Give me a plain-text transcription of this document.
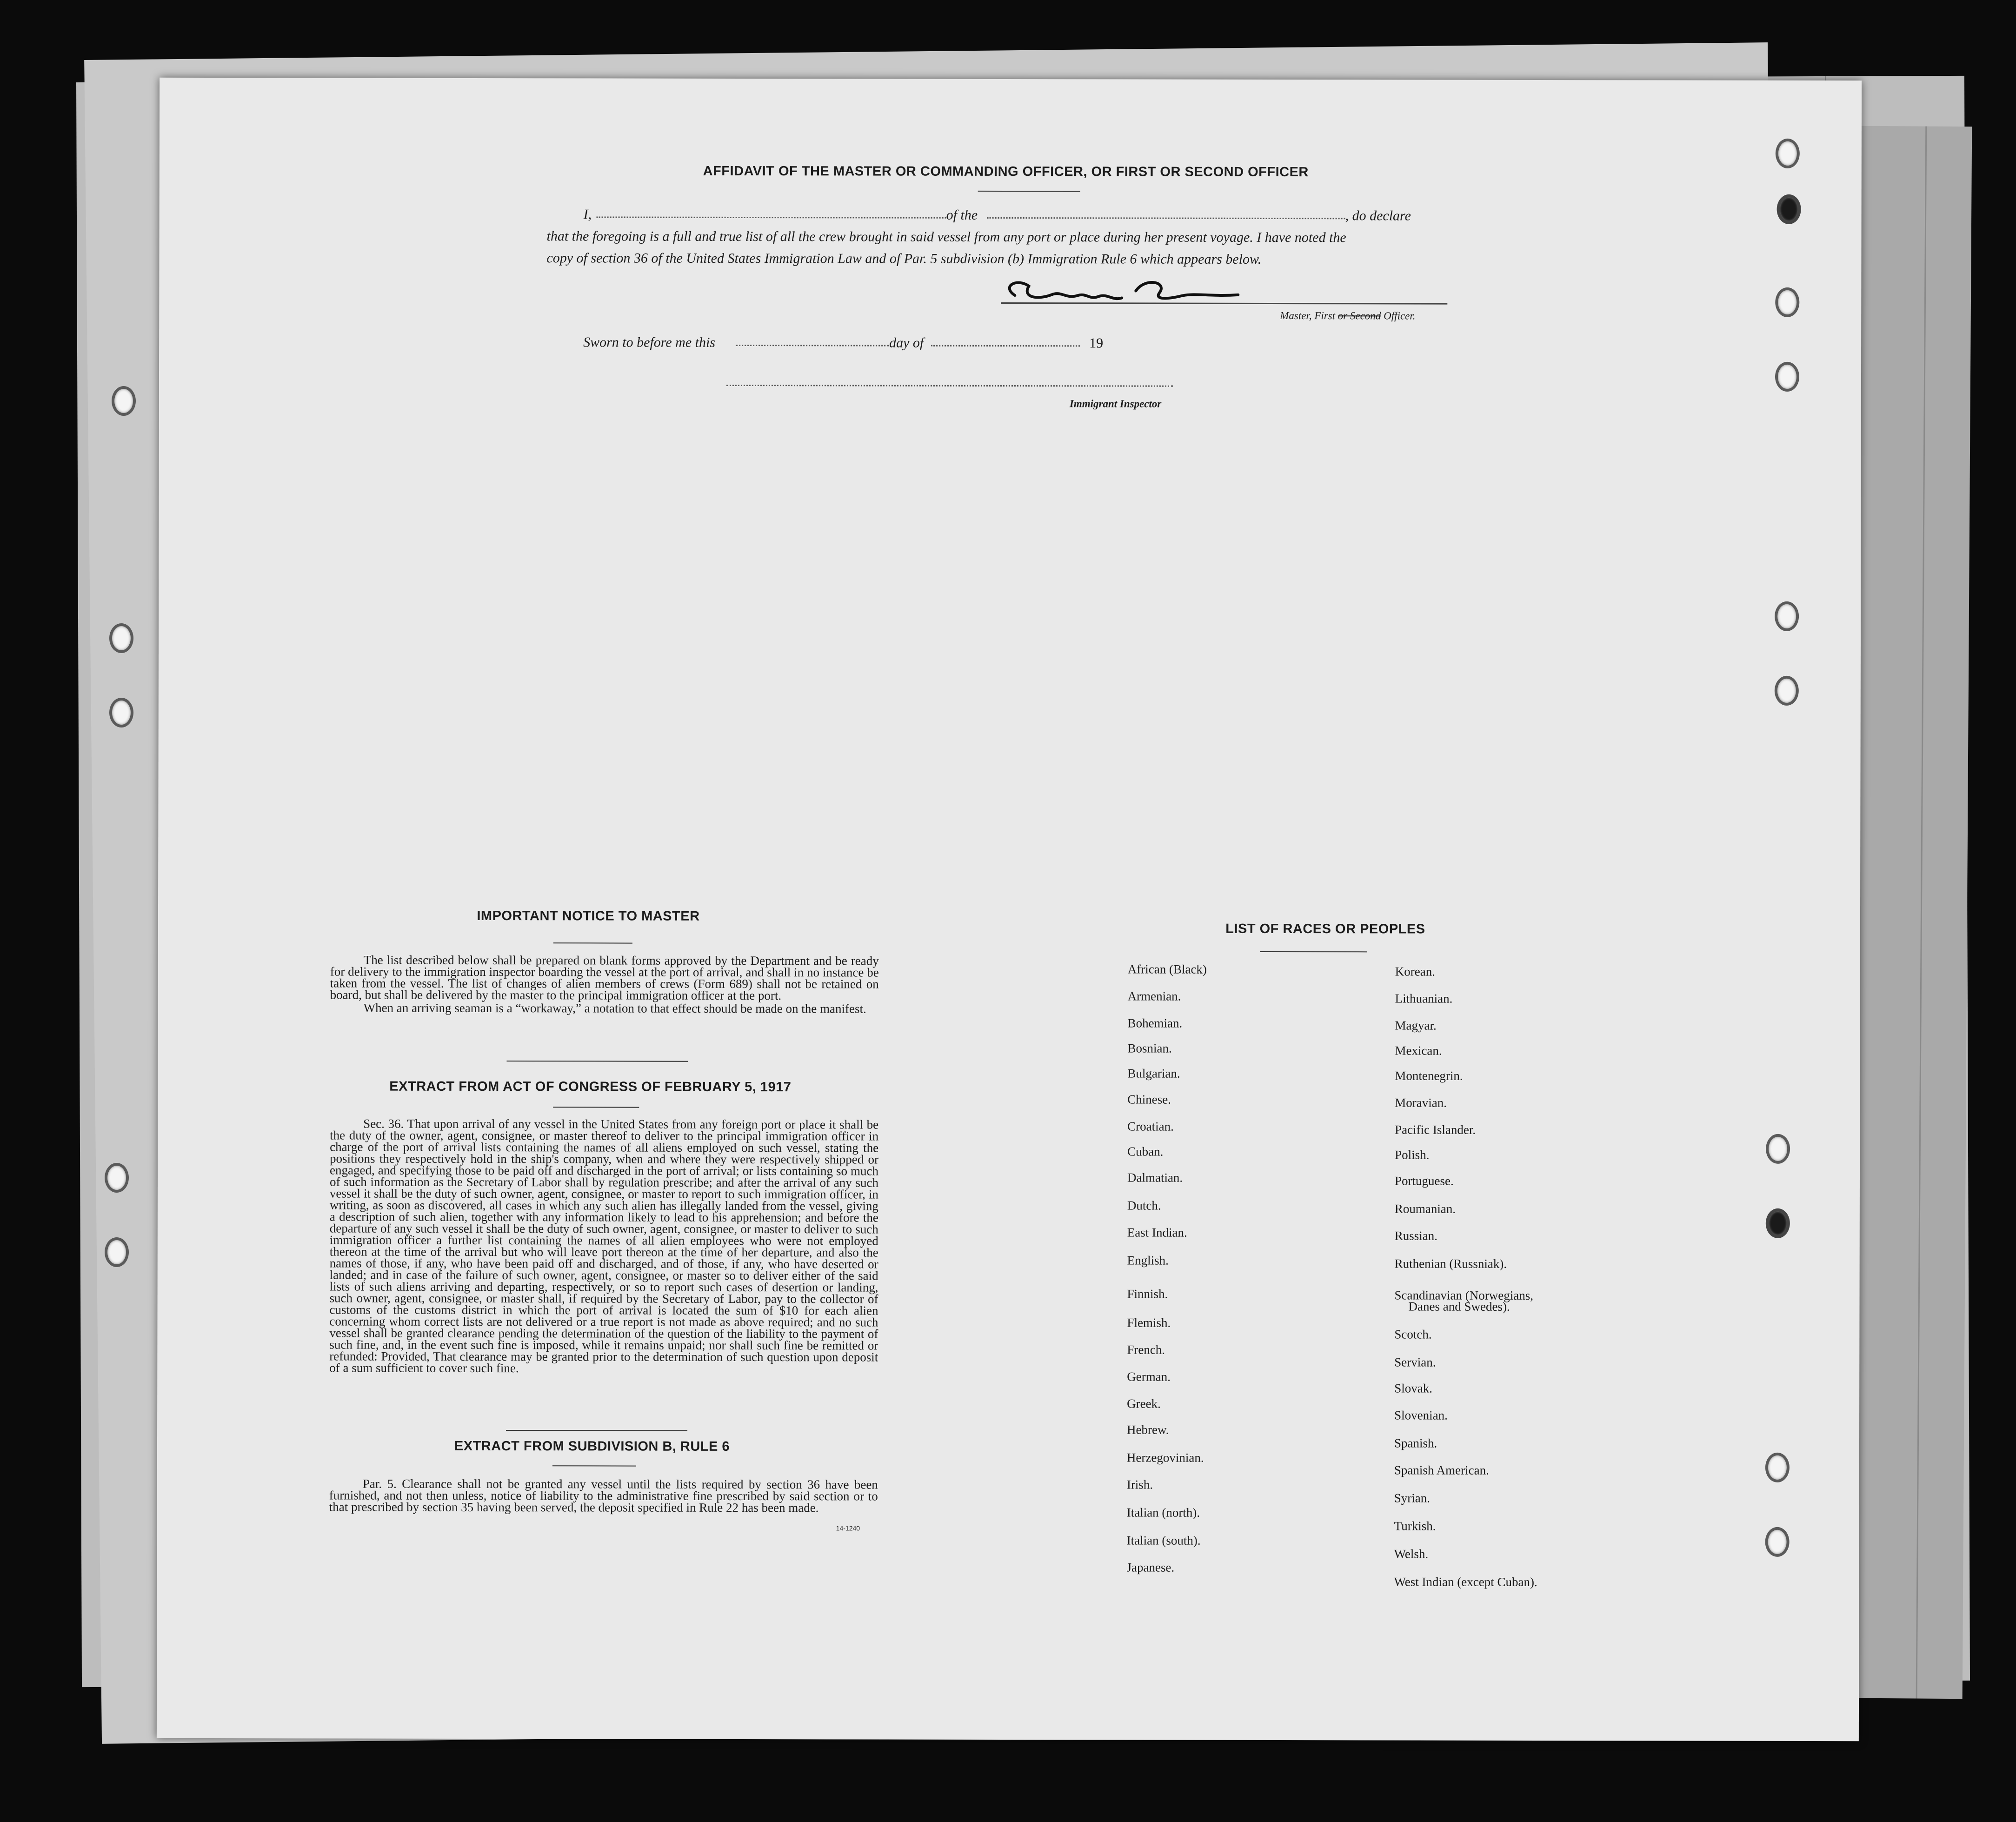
AFFIDAVIT OF THE MASTER OR COMMANDING OFFICER, OR FIRST OR SECOND OFFICER
I,	of the	, do declare
that the foregoing is a full and true list of all the crew brought in said vessel from any port or place during her present voyage. I have noted the
copy of section 36 of the United States Immigration Law and of Par. 5 subdivision (b) Immigration Rule 6 which appears below.
Master, First or Second Officer.
Sworn to before me this	day of	19
Immigrant Inspector
IMPORTANT NOTICE TO MASTER
The list described below shall be prepared on blank forms approved by the Department and be ready for delivery to the immigration inspector boarding the vessel at the port of arrival, and shall in no instance be taken from the vessel. The list of changes of alien members of crews (Form 689) shall not be retained on board, but shall be delivered by the master to the principal immigration officer at the port.
When an arriving seaman is a “workaway,” a notation to that effect should be made on the manifest.
EXTRACT FROM ACT OF CONGRESS OF FEBRUARY 5, 1917
Sec. 36. That upon arrival of any vessel in the United States from any foreign port or place it shall be the duty of the owner, agent, consignee, or master thereof to deliver to the principal immigration officer in charge of the port of arrival lists containing the names of all aliens employed on such vessel, stating the positions they respectively hold in the ship's company, when and where they were respectively shipped or engaged, and specifying those to be paid off and discharged in the port of arrival; or lists containing so much of such information as the Secretary of Labor shall by regulation prescribe; and after the arrival of any such vessel it shall be the duty of such owner, agent, consignee, or master to report to such immigration officer, in writing, as soon as discovered, all cases in which any such alien has illegally landed from the vessel, giving a description of such alien, together with any information likely to lead to his apprehension; and before the departure of any such vessel it shall be the duty of such owner, agent, consignee, or master to deliver to such immigration officer a further list containing the names of all alien employees who were not employed thereon at the time of the arrival but who will leave port thereon at the time of her departure, and also the names of those, if any, who have been paid off and discharged, and of those, if any, who have deserted or landed; and in case of the failure of such owner, agent, consignee, or master so to deliver either of the said lists of such aliens arriving and departing, respectively, or so to report such cases of desertion or landing, such owner, agent, consignee, or master shall, if required by the Secretary of Labor, pay to the collector of customs of the customs district in which the port of arrival is located the sum of $10 for each alien concerning whom correct lists are not delivered or a true report is not made as above required; and no such vessel shall be granted clearance pending the determination of the question of the liability to the payment of such fine, and, in the event such fine is imposed, while it remains unpaid; nor shall such fine be remitted or refunded: Provided, That clearance may be granted prior to the determination of such question upon deposit of a sum sufficient to cover such fine.
EXTRACT FROM SUBDIVISION B, RULE 6
Par. 5. Clearance shall not be granted any vessel until the lists required by section 36 have been furnished, and not then unless, notice of liability to the administrative fine prescribed by said section or to that prescribed by section 35 having been served, the deposit specified in Rule 22 has been made.
14-1240
LIST OF RACES OR PEOPLES
African (Black)
Armenian.
Bohemian.
Bosnian.
Bulgarian.
Chinese.
Croatian.
Cuban.
Dalmatian.
Dutch.
East Indian.
English.
Finnish.
Flemish.
French.
German.
Greek.
Hebrew.
Herzegovinian.
Irish.
Italian (north).
Italian (south).
Japanese.
Korean.
Lithuanian.
Magyar.
Mexican.
Montenegrin.
Moravian.
Pacific Islander.
Polish.
Portuguese.
Roumanian.
Russian.
Ruthenian (Russniak).
Scandinavian (Norwegians,
Danes and Swedes).
Scotch.
Servian.
Slovak.
Slovenian.
Spanish.
Spanish American.
Syrian.
Turkish.
Welsh.
West Indian (except Cuban).
